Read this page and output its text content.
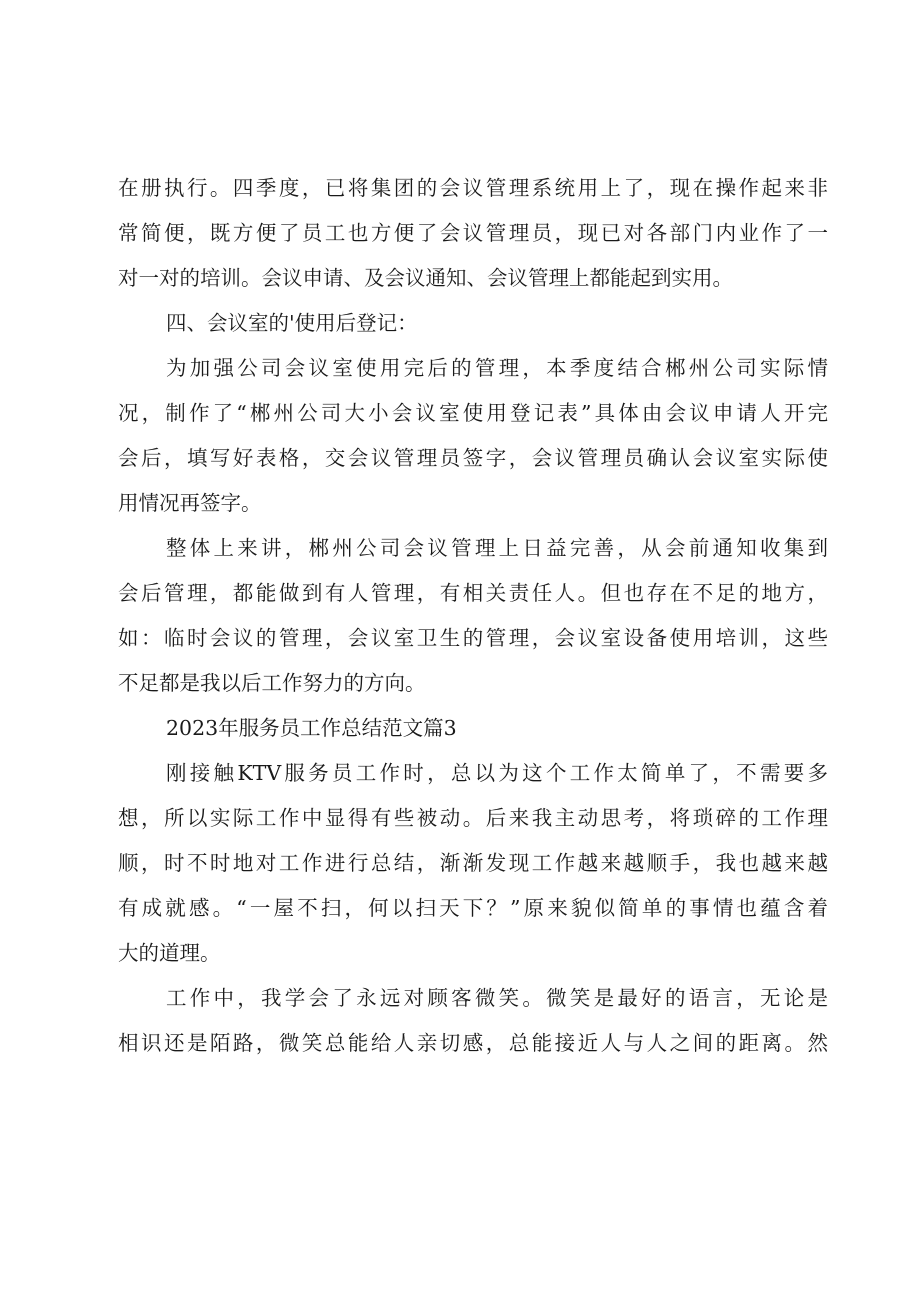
在册执行。四季度，已将集团的会议管理系统用上了，现在操作起来非
常简便，既方便了员工也方便了会议管理员，现已对各部门内业作了一
对一对的培训。会议申请、及会议通知、会议管理上都能起到实用。
四、会议室的'使用后登记：
为加强公司会议室使用完后的管理，本季度结合郴州公司实际情
况，制作了“郴州公司大小会议室使用登记表”具体由会议申请人开完
会后，填写好表格，交会议管理员签字，会议管理员确认会议室实际使
用情况再签字。
整体上来讲，郴州公司会议管理上日益完善，从会前通知收集到
会后管理，都能做到有人管理，有相关责任人。但也存在不足的地方，
如：临时会议的管理，会议室卫生的管理，会议室设备使用培训，这些
不足都是我以后工作努力的方向。
2023年服务员工作总结范文篇3
刚接触KTV服务员工作时，总以为这个工作太简单了，不需要多
想，所以实际工作中显得有些被动。后来我主动思考，将琐碎的工作理
顺，时不时地对工作进行总结，渐渐发现工作越来越顺手，我也越来越
有成就感。“一屋不扫，何以扫天下？”原来貌似简单的事情也蕴含着
大的道理。
工作中，我学会了永远对顾客微笑。微笑是最好的语言，无论是
相识还是陌路，微笑总能给人亲切感，总能接近人与人之间的距离。然
